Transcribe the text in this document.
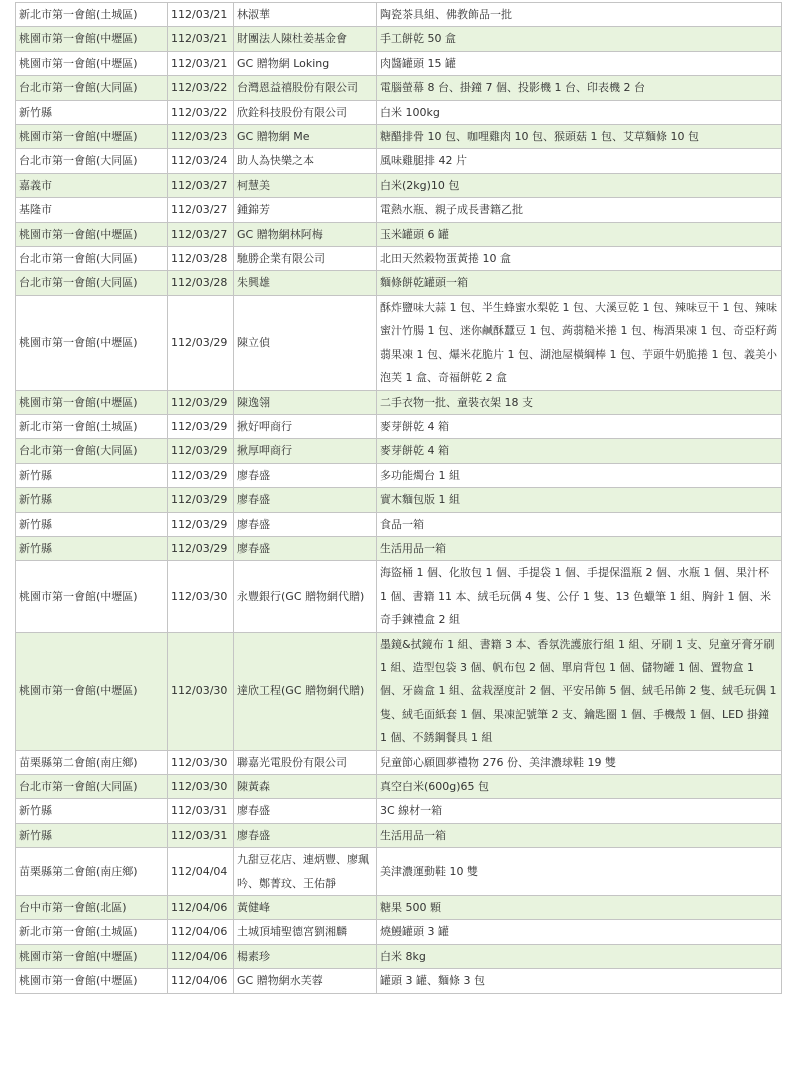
新北市第一會館(土城區)	112/03/21	林淑華	陶瓷茶具組、佛教飾品一批
桃園市第一會館(中壢區)	112/03/21	財團法人陳杜姜基金會	手工餅乾 50 盒
桃園市第一會館(中壢區)	112/03/21	GC 贈物網 Loking	肉醬罐頭 15 罐
台北市第一會館(大同區)	112/03/22	台灣恩益禧股份有限公司	電腦螢幕 8 台、掛鐘 7 個、投影機 1 台、印表機 2 台
新竹縣	112/03/22	欣銓科技股份有限公司	白米 100kg
桃園市第一會館(中壢區)	112/03/23	GC 贈物網 Me	糖醋排骨 10 包、咖哩雞肉 10 包、猴頭菇 1 包、艾草麵條 10 包
台北市第一會館(大同區)	112/03/24	助人為快樂之本	風味雞腿排 42 片
嘉義市	112/03/27	柯慧美	白米(2kg)10 包
基隆市	112/03/27	鍾錦芳	電熱水瓶、親子成長書籍乙批
桃園市第一會館(中壢區)	112/03/27	GC 贈物網林阿梅	玉米罐頭 6 罐
台北市第一會館(大同區)	112/03/28	馳勝企業有限公司	北田天然穀物蛋黃捲 10 盒
台北市第一會館(大同區)	112/03/28	朱興雄	麵條餅乾罐頭一箱
桃園市第一會館(中壢區)	112/03/29	陳立偵	酥炸鹽味大蒜 1 包、半生蜂蜜水梨乾 1 包、大溪豆乾 1 包、辣味豆干 1 包、辣味蜜汁竹腸 1 包、迷你鹹酥蠶豆 1 包、蒟蒻糙米捲 1 包、梅酒果凍 1 包、奇亞籽蒟蒻果凍 1 包、爆米花脆片 1 包、湖池屋橫綱棒 1 包、芋頭牛奶脆捲 1 包、義美小泡芙 1 盒、奇福餅乾 2 盒
桃園市第一會館(中壢區)	112/03/29	陳逸翎	二手衣物一批、童裝衣架 18 支
新北市第一會館(土城區)	112/03/29	揪好呷商行	麥芽餅乾 4 箱
台北市第一會館(大同區)	112/03/29	揪厚呷商行	麥芽餅乾 4 箱
新竹縣	112/03/29	廖春盛	多功能燭台 1 組
新竹縣	112/03/29	廖春盛	實木麵包版 1 組
新竹縣	112/03/29	廖春盛	食品一箱
新竹縣	112/03/29	廖春盛	生活用品一箱
桃園市第一會館(中壢區)	112/03/30	永豐銀行(GC 贈物網代贈)	海盜桶 1 個、化妝包 1 個、手提袋 1 個、手提保溫瓶 2 個、水瓶 1 個、果汁杯 1 個、書籍 11 本、絨毛玩偶 4 隻、公仔 1 隻、13 色蠟筆 1 組、胸針 1 個、米奇手鍊禮盒 2 組
桃園市第一會館(中壢區)	112/03/30	達欣工程(GC 贈物網代贈)	墨鏡&拭鏡布 1 組、書籍 3 本、香氛洗護旅行組 1 組、牙刷 1 支、兒童牙膏牙刷 1 組、造型包袋 3 個、帆布包 2 個、單肩背包 1 個、儲物罐 1 個、置物盒 1 個、牙齒盒 1 組、盆栽溼度計 2 個、平安吊飾 5 個、絨毛吊飾 2 隻、絨毛玩偶 1 隻、絨毛面紙套 1 個、果凍記號筆 2 支、鑰匙圈 1 個、手機殼 1 個、LED 掛鐘 1 個、不銹鋼餐具 1 組
苗栗縣第二會館(南庄鄉)	112/03/30	聯嘉光電股份有限公司	兒童節心願圓夢禮物 276 份、美津濃球鞋 19 雙
台北市第一會館(大同區)	112/03/30	陳黃森	真空白米(600g)65 包
新竹縣	112/03/31	廖春盛	3C 線材一箱
新竹縣	112/03/31	廖春盛	生活用品一箱
苗栗縣第二會館(南庄鄉)	112/04/04	九甜豆花店、連炳豐、廖珮吟、鄭菁玟、王佑靜	美津濃運動鞋 10 雙
台中市第一會館(北區)	112/04/06	黃健峰	糖果 500 顆
新北市第一會館(土城區)	112/04/06	土城頂埔聖德宮劉湘麟	燒鰻罐頭 3 罐
桃園市第一會館(中壢區)	112/04/06	楊素珍	白米 8kg
桃園市第一會館(中壢區)	112/04/06	GC 贈物網水芙蓉	罐頭 3 罐、麵條 3 包
